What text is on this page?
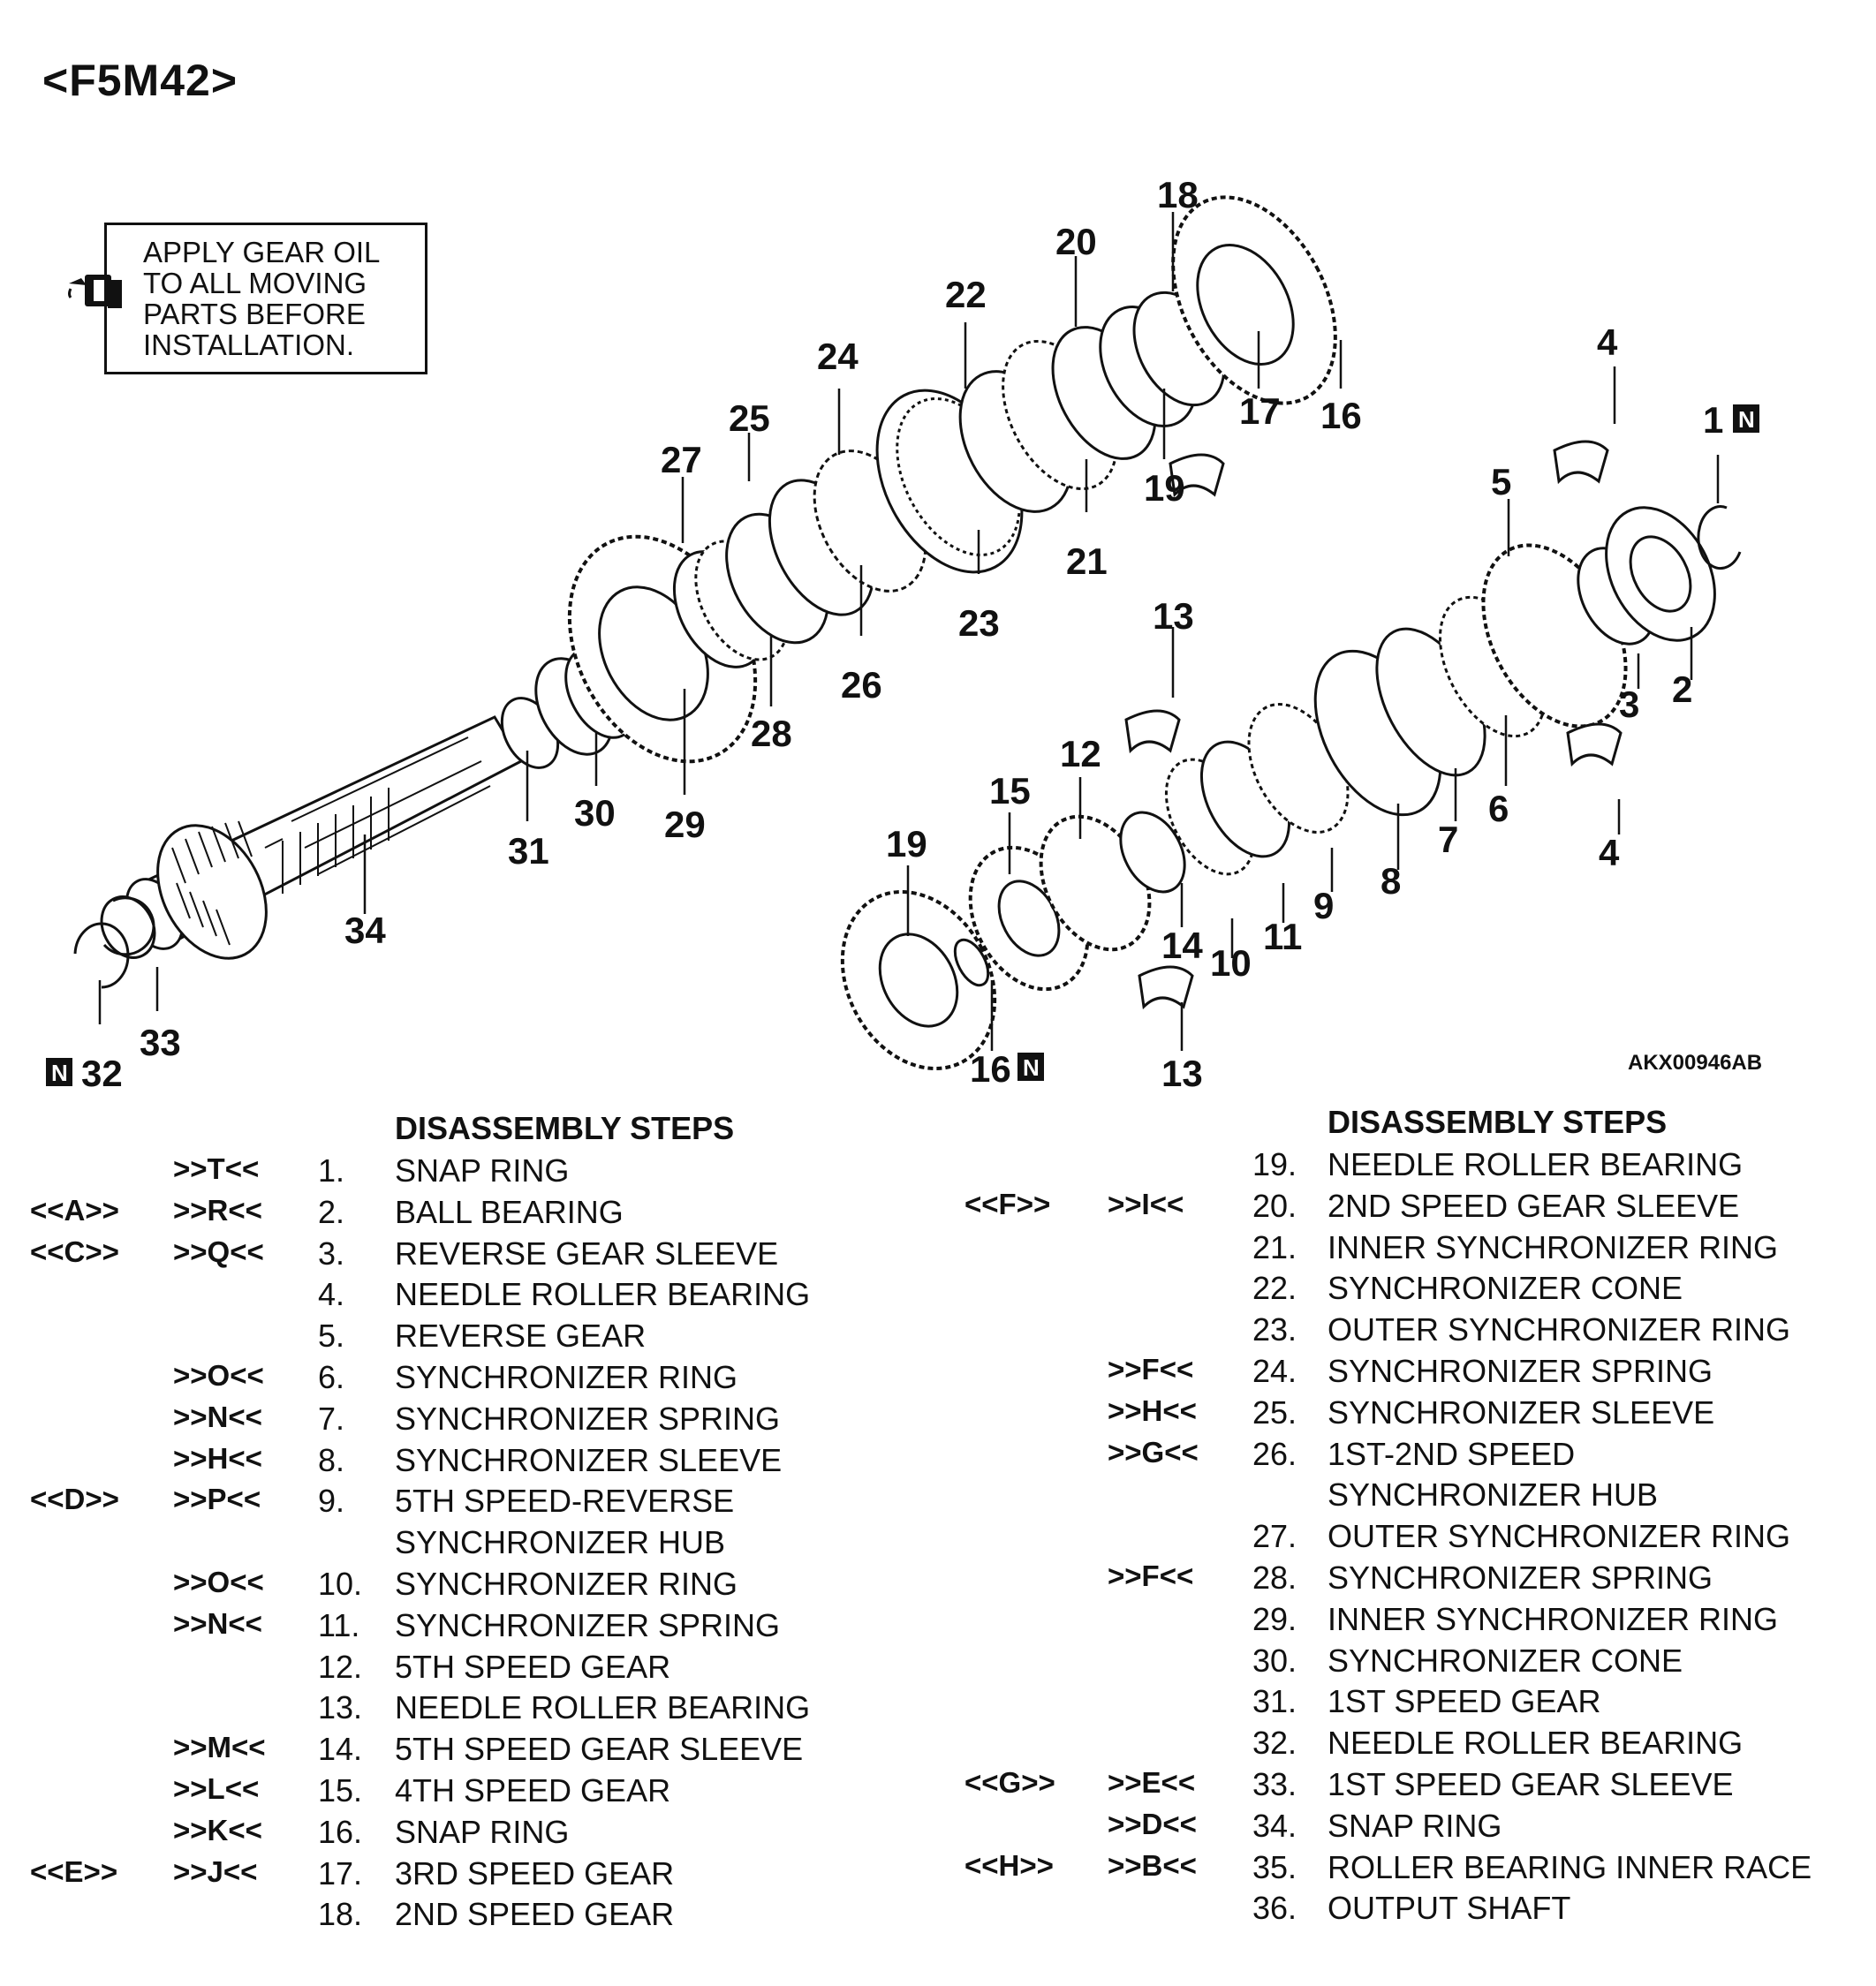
<F5M42>
APPLY GEAR OIL
TO ALL MOVING
PARTS BEFORE
INSTALLATION.
18
20
22
24
25
27
17 16
19
21
23
26
28
29
30
31
34
33
32
4
1
5
2
3
6
7
8
9
4
11
10
14
12
15
19
16
13
13
N
N
N	AKX00946AB
DISASSEMBLY STEPS
>>T<< 1. SNAP RING
<<A>> >>R<< 2. BALL BEARING
<<C>> >>Q<< 3. REVERSE GEAR SLEEVE
4. NEEDLE ROLLER BEARING
5. REVERSE GEAR
>>O<< 6. SYNCHRONIZER RING
>>N<< 7. SYNCHRONIZER SPRING
>>H<< 8. SYNCHRONIZER SLEEVE
<<D>> >>P<< 9. 5TH SPEED-REVERSE
SYNCHRONIZER HUB
>>O<< 10. SYNCHRONIZER RING
>>N<< 11. SYNCHRONIZER SPRING
12. 5TH SPEED GEAR
13. NEEDLE ROLLER BEARING
>>M<< 14. 5TH SPEED GEAR SLEEVE
>>L<< 15. 4TH SPEED GEAR
>>K<< 16. SNAP RING
<<E>> >>J<< 17. 3RD SPEED GEAR
18. 2ND SPEED GEAR
DISASSEMBLY STEPS
19. NEEDLE ROLLER BEARING
<<F>> >>I<< 20. 2ND SPEED GEAR SLEEVE
21. INNER SYNCHRONIZER RING
22. SYNCHRONIZER CONE
23. OUTER SYNCHRONIZER RING
>>F<< 24. SYNCHRONIZER SPRING
>>H<< 25. SYNCHRONIZER SLEEVE
>>G<< 26. 1ST-2ND SPEED
SYNCHRONIZER HUB
27. OUTER SYNCHRONIZER RING
>>F<< 28. SYNCHRONIZER SPRING
29. INNER SYNCHRONIZER RING
30. SYNCHRONIZER CONE
31. 1ST SPEED GEAR
32. NEEDLE ROLLER BEARING
<<G>> >>E<< 33. 1ST SPEED GEAR SLEEVE
>>D<< 34. SNAP RING
<<H>> >>B<< 35. ROLLER BEARING INNER RACE
36. OUTPUT SHAFT
